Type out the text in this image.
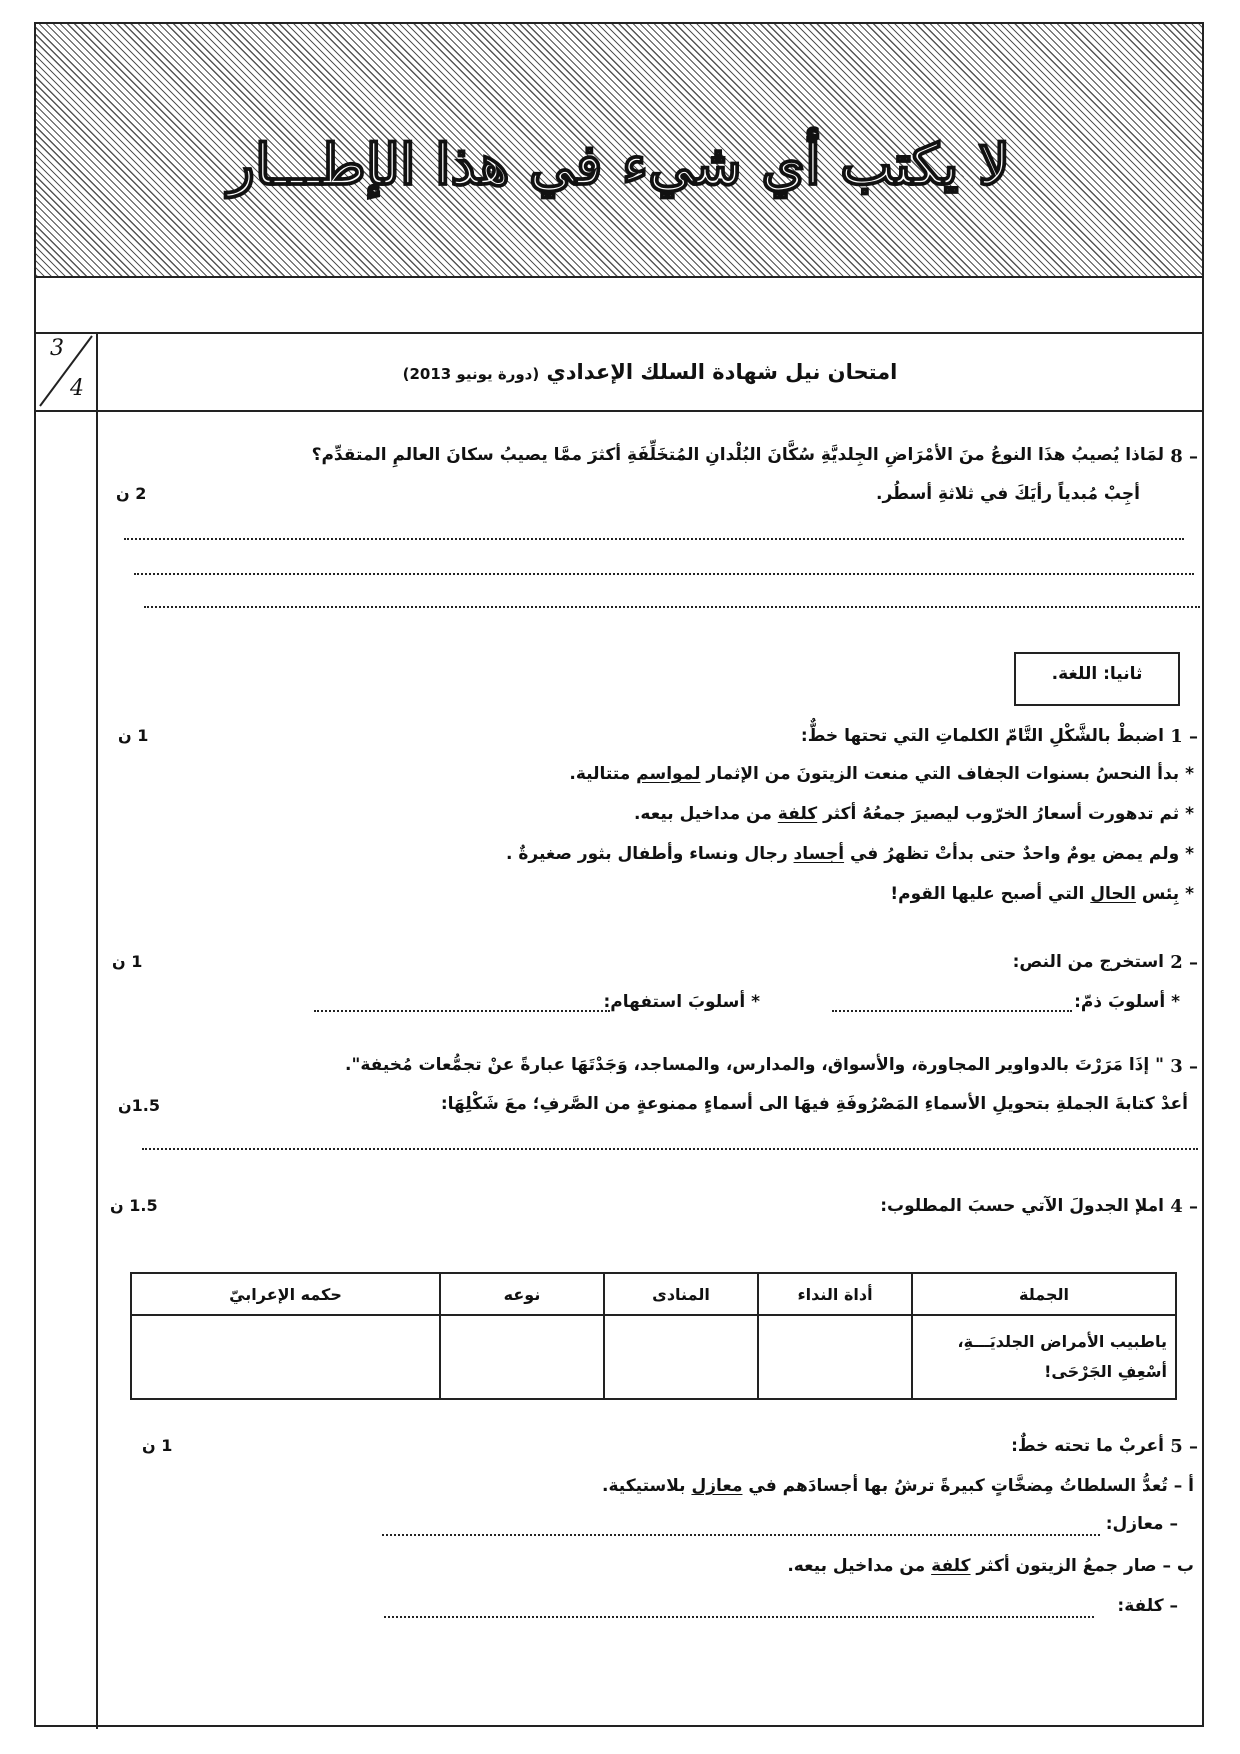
لا يكتب أي شيء في هذا الإطـــار
3
4
امتحان نيل شهادة السلك الإعدادي (دورة يونيو 2013)
8 –
لمَاذا يُصيبُ هذَا النوعُ منَ الأمْرَاضِ الجِلديَّةِ سُكَّانَ البُلْدانِ المُتخَلِّفَةِ أكثرَ ممَّا يصيبُ سكانَ العالمِ المتقدِّم؟
أجِبْ مُبدياً رأيَكَ في ثلاثةِ أسطُر.
2 ن
ثانيا: اللغة.
1 –
اضبطْ بالشَّكْلِ التَّامّ الكلماتِ التي تحتها خطٌّ:
1 ن
* بدأ النحسُ بسنوات الجفاف التي منعت الزيتونَ من الإثمار لمواسم متتالية.
* ثم تدهورت أسعارُ الخرّوب ليصيرَ جمعُهُ أكثر كلفة من مداخيل بيعه.
* ولم يمض يومٌ واحدٌ حتى بدأتْ تظهرُ في أجساد رجال ونساء وأطفال بثور صغيرةٌ .
* بِئس الحال التي أصبح عليها القوم!
2 –
استخرج من النص:
1 ن
* أسلوبَ ذمّ:
* أسلوبَ استفهام:
3 –
" إذَا مَرَرْتَ بالدواوير المجاورة، والأسواق، والمدارس، والمساجد، وَجَدْتَهَا عبارةً عنْ تجمُّعات مُخيفة".
أعدْ كتابةَ الجملةِ بتحويلِ الأسماءِ المَصْرُوفَةِ فيهَا الى أسماءٍ ممنوعةٍ من الصَّرفِ؛ معَ شَكْلِهَا:
1.5ن
4 –
املإ الجدولَ الآتي حسبَ المطلوب:
1.5 ن
الجملة	أداة النداء	المنادى	نوعه	حكمه الإعرابيّ

ياطبيب الأمراض الجلديَـــةِ،
أسْعِفِ الجَرْحَى!				

5 –
أعربْ ما تحته خطٌ:
1 ن
أ – تُعدُّ السلطاتُ مِضخَّاتٍ كبيرةً ترشُ بها أجسادَهم في معازل بلاستيكية.
– معازل:
ب – صار جمعُ الزيتون أكثر كلفة من مداخيل بيعه.
– كلفة:
